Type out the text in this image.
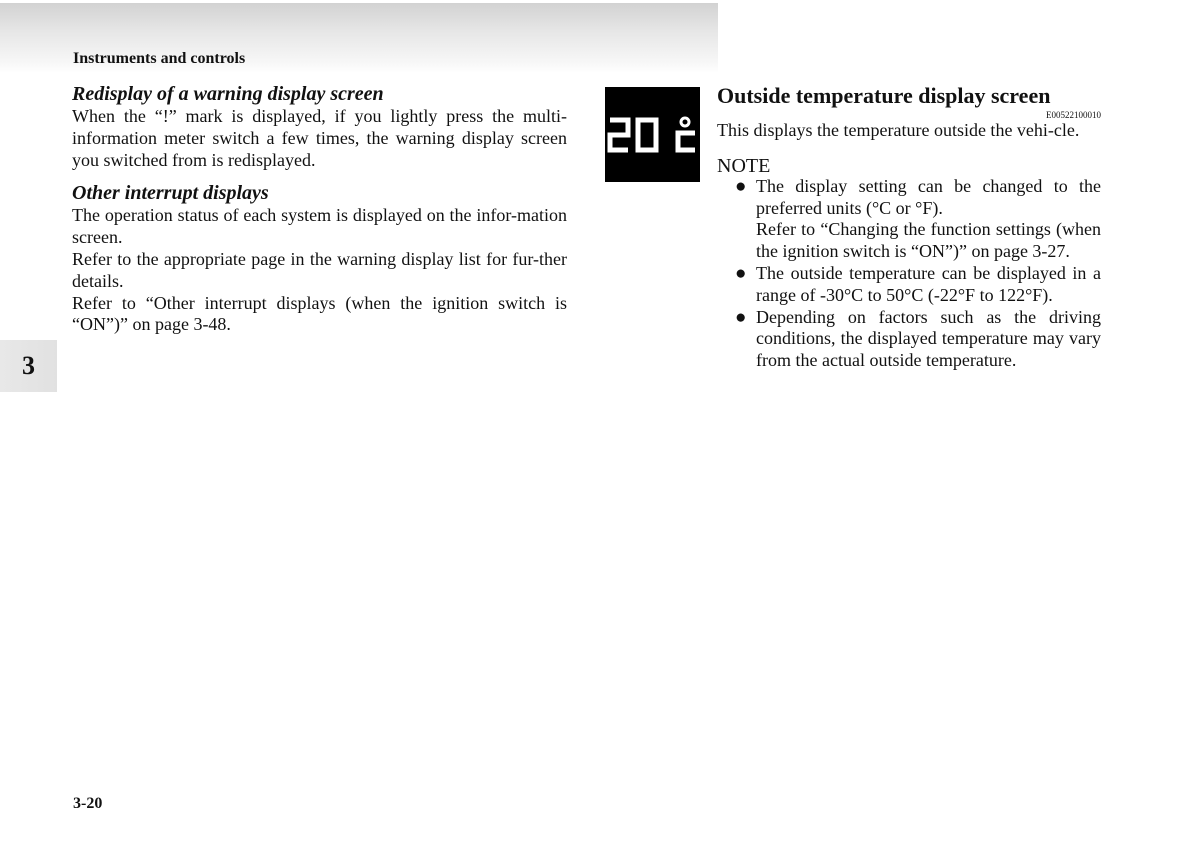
Instruments and controls
3
Redisplay of a warning display screen

When the “!” mark is displayed, if you lightly press the multi-information meter switch a few times, the warning display screen you switched from is redisplayed.

Other interrupt displays

The operation status of each system is displayed on the infor-mation screen.

Refer to the appropriate page in the warning display list for fur-ther details.

Refer to “Other interrupt displays (when the ignition switch is “ON”)” on page 3-48.

Outside temperature display screen

E00522100010

This displays the temperature outside the vehi-cle.

NOTE

● The display setting can be changed to the preferred units (°C or °F).
Refer to “Changing the function settings (when the ignition switch is “ON”)” on page 3-27.
● The outside temperature can be displayed in a range of -30°C to 50°C (-22°F to 122°F).
● Depending on factors such as the driving conditions, the displayed temperature may vary from the actual outside temperature.
3-20
